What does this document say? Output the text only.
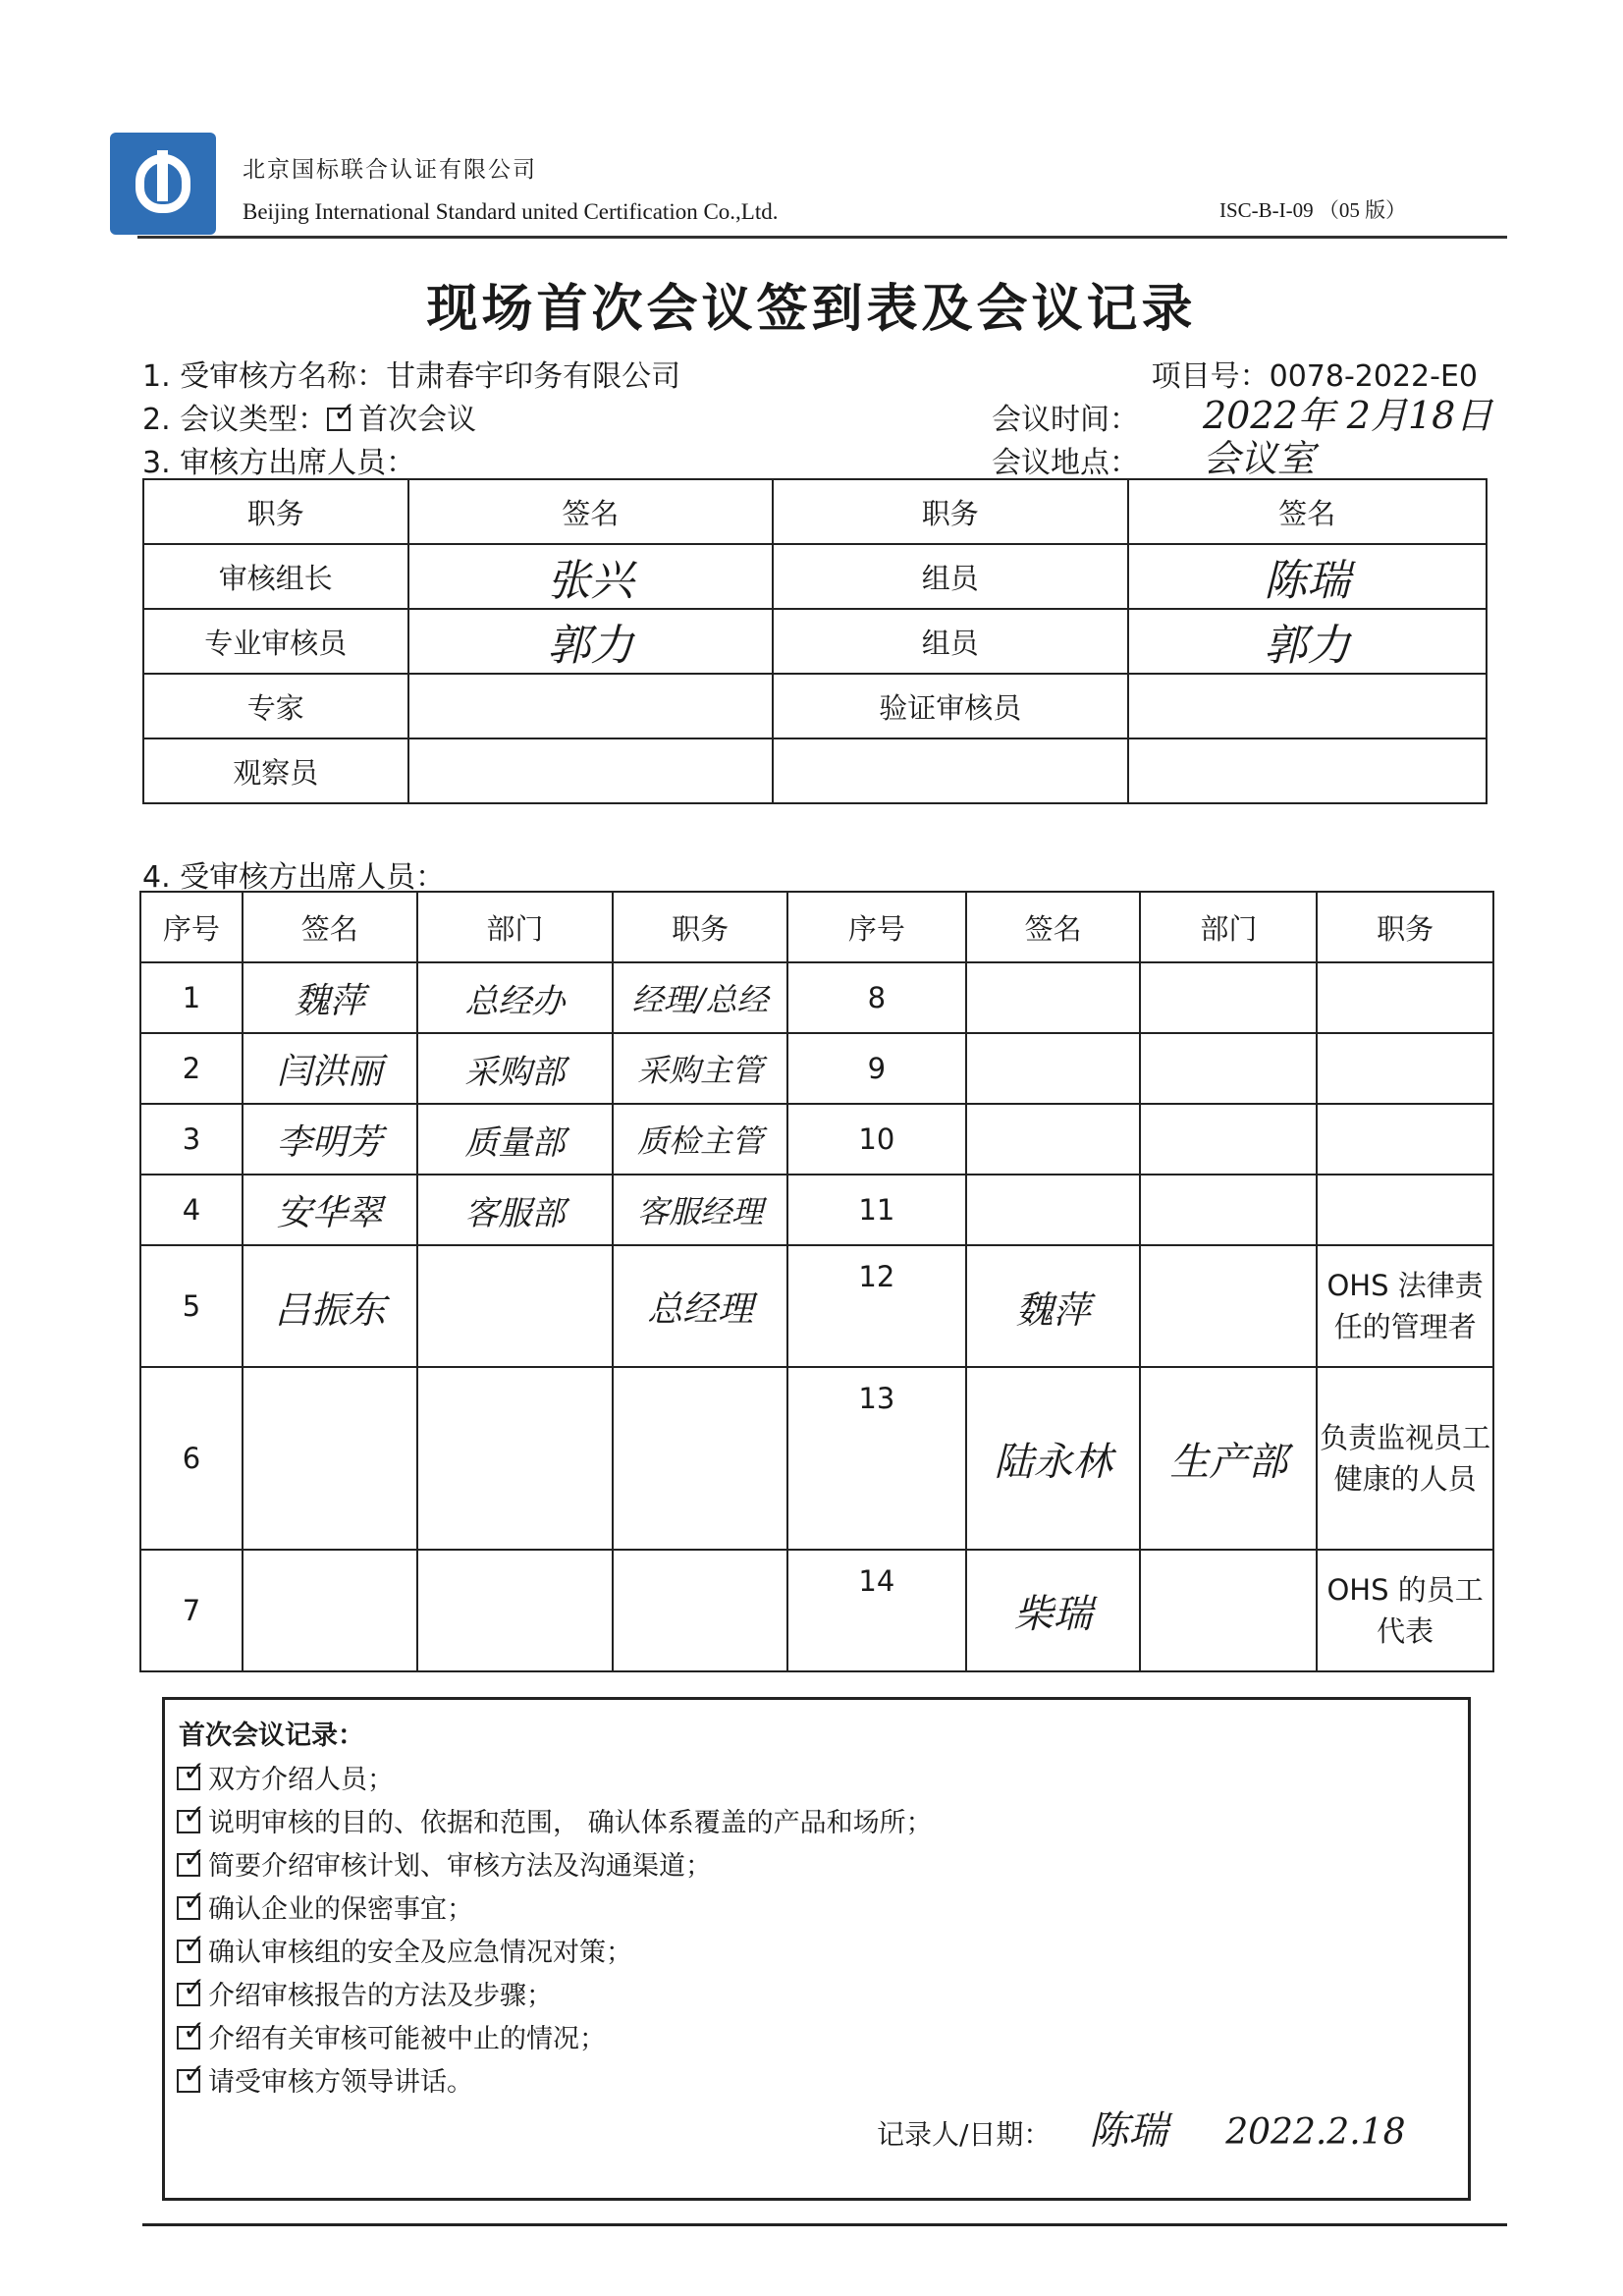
北京国标联合认证有限公司
Beijing International Standard united Certification Co.,Ltd.	ISC-B-I-09 （05 版）
现场首次会议签到表及会议记录
1. 受审核方名称：甘肃春宇印务有限公司	项目号：0078-2022-E0
2. 会议类型： ✓ 首次会议	会议时间： 2022年 2月18日
3. 审核方出席人员：	会议地点： 会议室
职务	签名	职务	签名
审核组长	张兴	组员	陈瑞
专业审核员	郭力	组员	郭力
专家		验证审核员	
观察员			
4. 受审核方出席人员：
序号	签名	部门	职务	序号	签名	部门	职务
1	魏萍	总经办	经理/总经	8			
2	闫洪丽	采购部	采购主管	9			
3	李明芳	质量部	质检主管	10			
4	安华翠	客服部	客服经理	11			
5	吕振东		总经理	12	魏萍		OHS 法律责任的管理者
6				13	陆永林	生产部	负责监视员工健康的人员
7				14	柴瑞		OHS 的员工代表
首次会议记录：
✓双方介绍人员；
✓说明审核的目的、依据和范围， 确认体系覆盖的产品和场所；
✓简要介绍审核计划、审核方法及沟通渠道；
✓确认企业的保密事宜；
✓确认审核组的安全及应急情况对策；
✓介绍审核报告的方法及步骤；
✓介绍有关审核可能被中止的情况；
✓请受审核方领导讲话。
记录人/日期： 陈瑞 2022.2.18
